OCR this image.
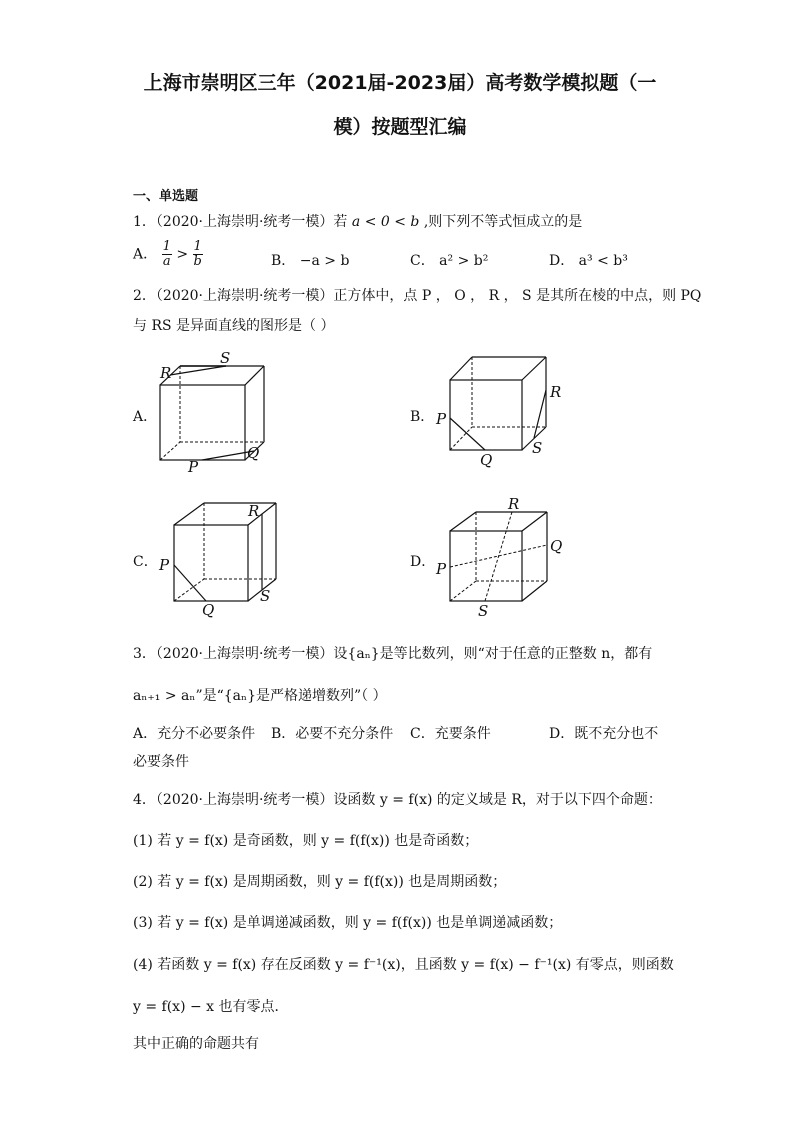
上海市崇明区三年（2021届-2023届）高考数学模拟题（一
模）按题型汇编
一、单选题
1．（2020·上海崇明·统考一模）若 a < 0 < b ,则下列不等式恒成立的是
A． $\frac{1}{a} > \frac{1}{b}$	B． −a > b	C． a² > b²	D． a³ < b³
2．（2020·上海崇明·统考一模）正方体中，点 P ， O ， R ， S 是其所在棱的中点，则 PQ
与 RS 是异面直线的图形是（ ）
A．
R
S
P
Q
B． P
Q
R
S
C． P
Q
R
S
D． P
Q
R
S
3．（2020·上海崇明·统考一模）设{aₙ}是等比数列，则“对于任意的正整数 n，都有
aₙ₊₁ > aₙ”是“{aₙ}是严格递增数列”（ ）
A．充分不必要条件 B．必要不充分条件 C．充要条件	D．既不充分也不
必要条件
4．（2020·上海崇明·统考一模）设函数 y = f(x) 的定义域是 R，对于以下四个命题：
(1) 若 y = f(x) 是奇函数，则 y = f(f(x)) 也是奇函数；
(2) 若 y = f(x) 是周期函数，则 y = f(f(x)) 也是周期函数；
(3) 若 y = f(x) 是单调递减函数，则 y = f(f(x)) 也是单调递减函数；
(4) 若函数 y = f(x) 存在反函数 y = f⁻¹(x)，且函数 y = f(x) − f⁻¹(x) 有零点，则函数
y = f(x) − x 也有零点．
其中正确的命题共有
